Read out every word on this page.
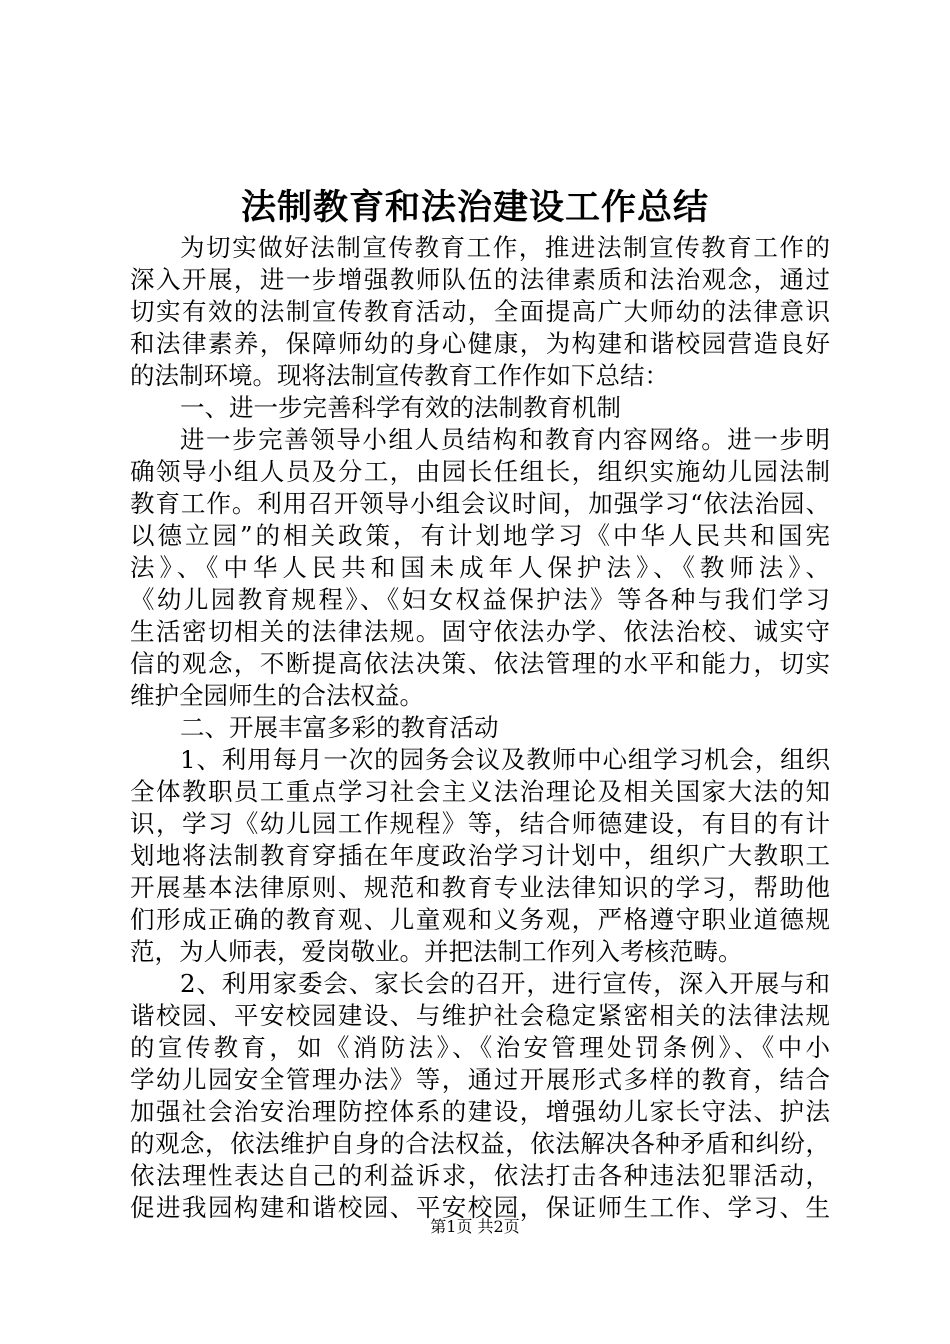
法制教育和法治建设工作总结
为切实做好法制宣传教育工作，推进法制宣传教育工作的
深入开展，进一步增强教师队伍的法律素质和法治观念，通过
切实有效的法制宣传教育活动，全面提高广大师幼的法律意识
和法律素养，保障师幼的身心健康，为构建和谐校园营造良好
的法制环境。现将法制宣传教育工作作如下总结：
一、进一步完善科学有效的法制教育机制
进一步完善领导小组人员结构和教育内容网络。进一步明
确领导小组人员及分工，由园长任组长，组织实施幼儿园法制
教育工作。利用召开领导小组会议时间，加强学习“依法治园、
以德立园”的相关政策，有计划地学习《中华人民共和国宪
法》、《中华人民共和国未成年人保护法》、《教师法》、
《幼儿园教育规程》、《妇女权益保护法》等各种与我们学习
生活密切相关的法律法规。固守依法办学、依法治校、诚实守
信的观念，不断提高依法决策、依法管理的水平和能力，切实
维护全园师生的合法权益。
二、开展丰富多彩的教育活动
1、利用每月一次的园务会议及教师中心组学习机会，组织
全体教职员工重点学习社会主义法治理论及相关国家大法的知
识，学习《幼儿园工作规程》等，结合师德建设，有目的有计
划地将法制教育穿插在年度政治学习计划中，组织广大教职工
开展基本法律原则、规范和教育专业法律知识的学习，帮助他
们形成正确的教育观、儿童观和义务观，严格遵守职业道德规
范，为人师表，爱岗敬业。并把法制工作列入考核范畴。
2、利用家委会、家长会的召开，进行宣传，深入开展与和
谐校园、平安校园建设、与维护社会稳定紧密相关的法律法规
的宣传教育，如《消防法》、《治安管理处罚条例》、《中小
学幼儿园安全管理办法》等，通过开展形式多样的教育，结合
加强社会治安治理防控体系的建设，增强幼儿家长守法、护法
的观念，依法维护自身的合法权益，依法解决各种矛盾和纠纷，
依法理性表达自己的利益诉求，依法打击各种违法犯罪活动，
促进我园构建和谐校园、平安校园，保证师生工作、学习、生
第1页 共2页
